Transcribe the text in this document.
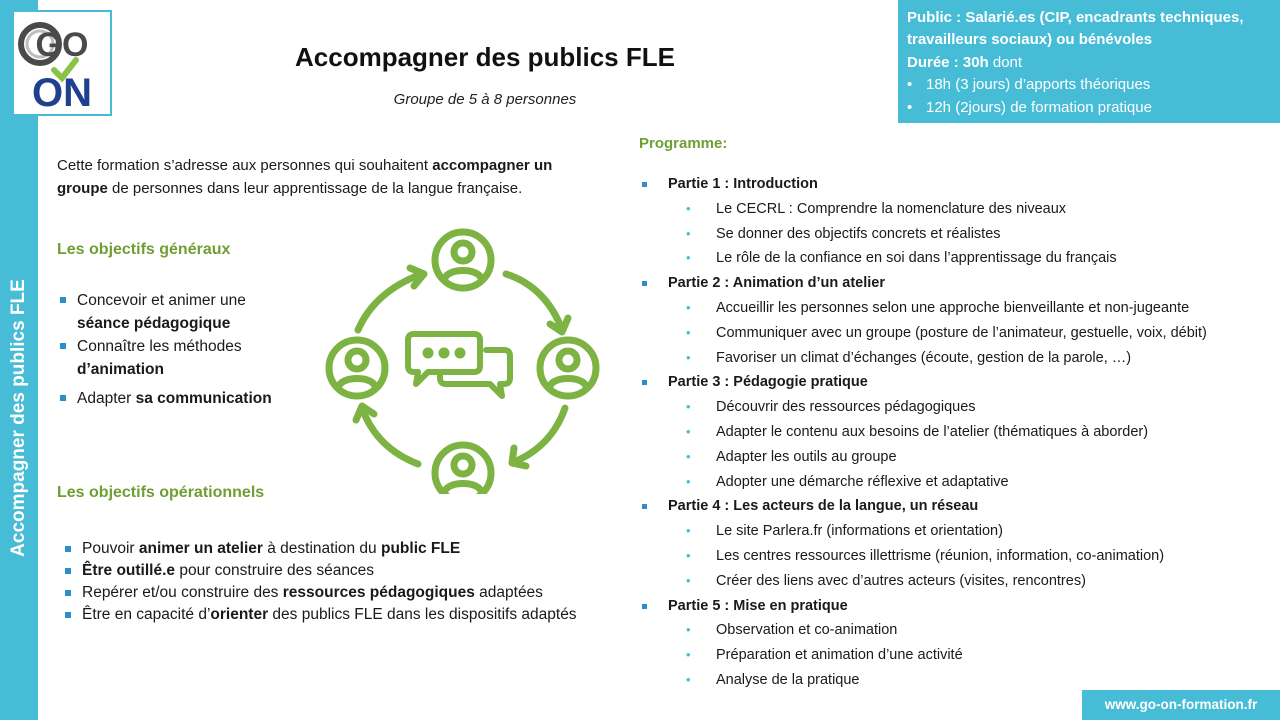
Accompagner des publics FLE
GO
ON
Accompagner des publics FLE
Groupe de 5 à 8 personnes
Public : Salarié.es (CIP, encadrants techniques,
travailleurs sociaux) ou bénévoles
Durée : 30h dont
• 18h (3 jours) d’apports théoriques
• 12h (2jours) de formation pratique
Cette formation s’adresse aux personnes qui souhaitent accompagner un
groupe de personnes dans leur apprentissage de la langue française.
Les objectifs généraux
Concevoir et animer une séance pédagogique
Connaître les méthodes d’animation
Adapter sa communication
Les objectifs opérationnels
Pouvoir animer un atelier à destination du public FLE
Être outillé.e pour construire des séances
Repérer et/ou construire des ressources pédagogiques adaptées
Être en capacité d’orienter des publics FLE dans les dispositifs adaptés
Programme:
Partie 1 : Introduction
• Le CECRL : Comprendre la nomenclature des niveaux
• Se donner des objectifs concrets et réalistes
• Le rôle de la confiance en soi dans l’apprentissage du français
Partie 2 : Animation d’un atelier
• Accueillir les personnes selon une approche bienveillante et non-jugeante
• Communiquer avec un groupe (posture de l’animateur, gestuelle, voix, débit)
• Favoriser un climat d’échanges (écoute, gestion de la parole, …)
Partie 3 : Pédagogie pratique
• Découvrir des ressources pédagogiques
• Adapter le contenu aux besoins de l’atelier (thématiques à aborder)
• Adapter les outils au groupe
• Adopter une démarche réflexive et adaptative
Partie 4 : Les acteurs de la langue, un réseau
• Le site Parlera.fr (informations et orientation)
• Les centres ressources illettrisme (réunion, information, co-animation)
• Créer des liens avec d’autres acteurs (visites, rencontres)
Partie 5 : Mise en pratique
• Observation et co-animation
• Préparation et animation d’une activité
• Analyse de la pratique
www.go-on-formation.fr
